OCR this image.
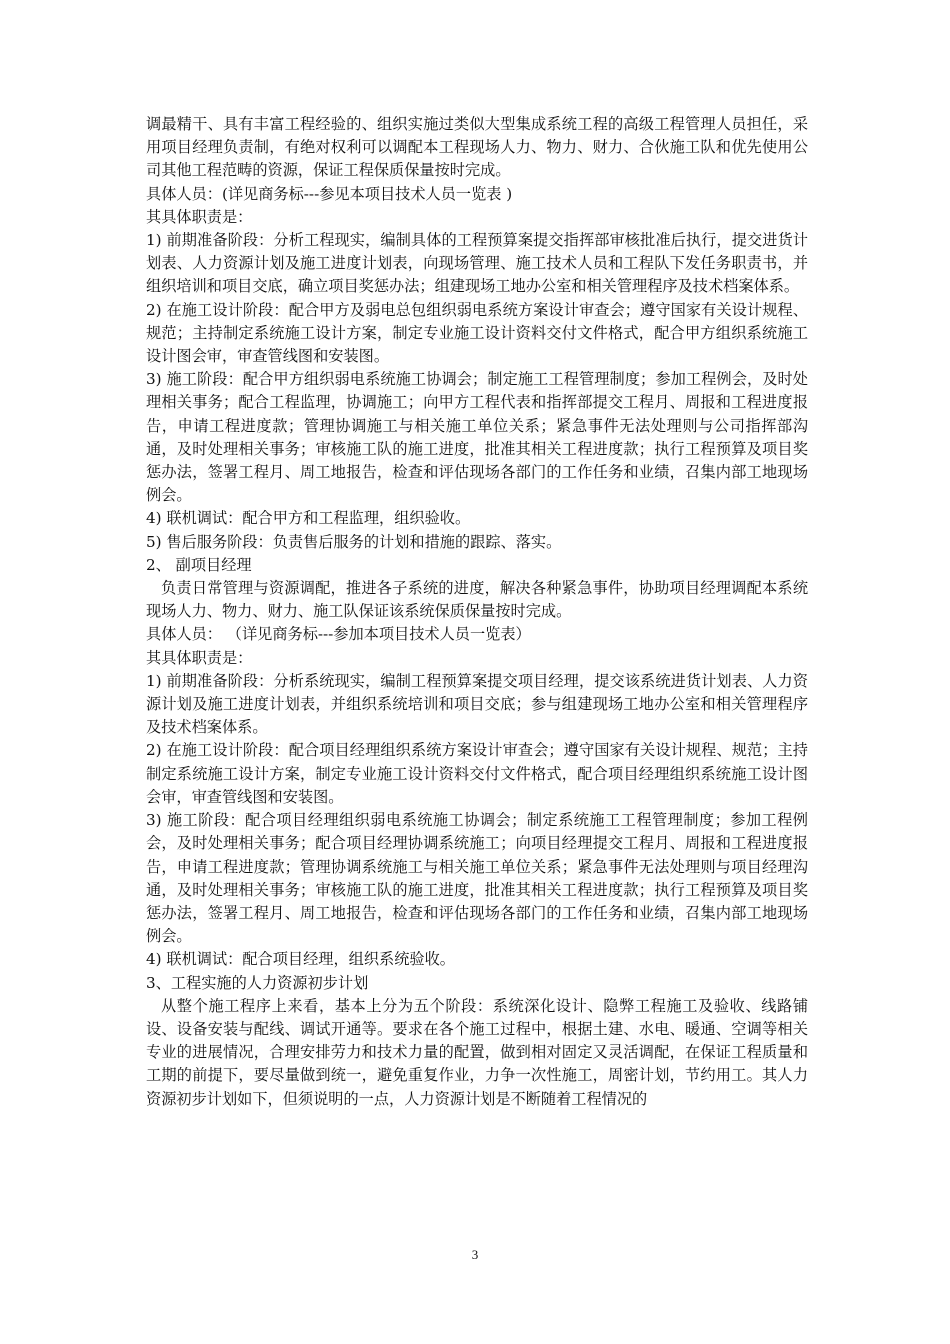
调最精干、具有丰富工程经验的、组织实施过类似大型集成系统工程的高级工程管理人员担任，采用项目经理负责制，有绝对权利可以调配本工程现场人力、物力、财力、合伙施工队和优先使用公司其他工程范畴的资源，保证工程保质保量按时完成。

具体人员：(详见商务标---参见本项目技术人员一览表 )

其具体职责是：

1) 前期准备阶段：分析工程现实，编制具体的工程预算案提交指挥部审核批准后执行，提交进货计划表、人力资源计划及施工进度计划表，向现场管理、施工技术人员和工程队下发任务职责书，并组织培训和项目交底，确立项目奖惩办法；组建现场工地办公室和相关管理程序及技术档案体系。

2) 在施工设计阶段：配合甲方及弱电总包组织弱电系统方案设计审查会；遵守国家有关设计规程、规范；主持制定系统施工设计方案，制定专业施工设计资料交付文件格式，配合甲方组织系统施工设计图会审，审查管线图和安装图。

3) 施工阶段：配合甲方组织弱电系统施工协调会；制定施工工程管理制度；参加工程例会，及时处理相关事务；配合工程监理，协调施工；向甲方工程代表和指挥部提交工程月、周报和工程进度报告，申请工程进度款；管理协调施工与相关施工单位关系；紧急事件无法处理则与公司指挥部沟通，及时处理相关事务；审核施工队的施工进度，批准其相关工程进度款；执行工程预算及项目奖惩办法，签署工程月、周工地报告，检查和评估现场各部门的工作任务和业绩，召集内部工地现场例会。

4) 联机调试：配合甲方和工程监理，组织验收。

5) 售后服务阶段：负责售后服务的计划和措施的跟踪、落实。

2、 副项目经理

负责日常管理与资源调配，推进各子系统的进度，解决各种紧急事件，协助项目经理调配本系统现场人力、物力、财力、施工队保证该系统保质保量按时完成。

具体人员： （详见商务标---参加本项目技术人员一览表）

其具体职责是：

1) 前期准备阶段：分析系统现实，编制工程预算案提交项目经理，提交该系统进货计划表、人力资源计划及施工进度计划表，并组织系统培训和项目交底；参与组建现场工地办公室和相关管理程序及技术档案体系。

2) 在施工设计阶段：配合项目经理组织系统方案设计审查会；遵守国家有关设计规程、规范；主持制定系统施工设计方案，制定专业施工设计资料交付文件格式，配合项目经理组织系统施工设计图会审，审查管线图和安装图。

3) 施工阶段：配合项目经理组织弱电系统施工协调会；制定系统施工工程管理制度；参加工程例会，及时处理相关事务；配合项目经理协调系统施工；向项目经理提交工程月、周报和工程进度报告，申请工程进度款；管理协调系统施工与相关施工单位关系；紧急事件无法处理则与项目经理沟通，及时处理相关事务；审核施工队的施工进度，批准其相关工程进度款；执行工程预算及项目奖惩办法，签署工程月、周工地报告，检查和评估现场各部门的工作任务和业绩，召集内部工地现场例会。

4) 联机调试：配合项目经理，组织系统验收。

3、工程实施的人力资源初步计划

从整个施工程序上来看，基本上分为五个阶段：系统深化设计、隐弊工程施工及验收、线路铺设、设备安装与配线、调试开通等。要求在各个施工过程中，根据土建、水电、暖通、空调等相关专业的进展情况，合理安排劳力和技术力量的配置，做到相对固定又灵活调配，在保证工程质量和工期的前提下，要尽量做到统一，避免重复作业，力争一次性施工，周密计划，节约用工。其人力资源初步计划如下，但须说明的一点，人力资源计划是不断随着工程情况的

3
